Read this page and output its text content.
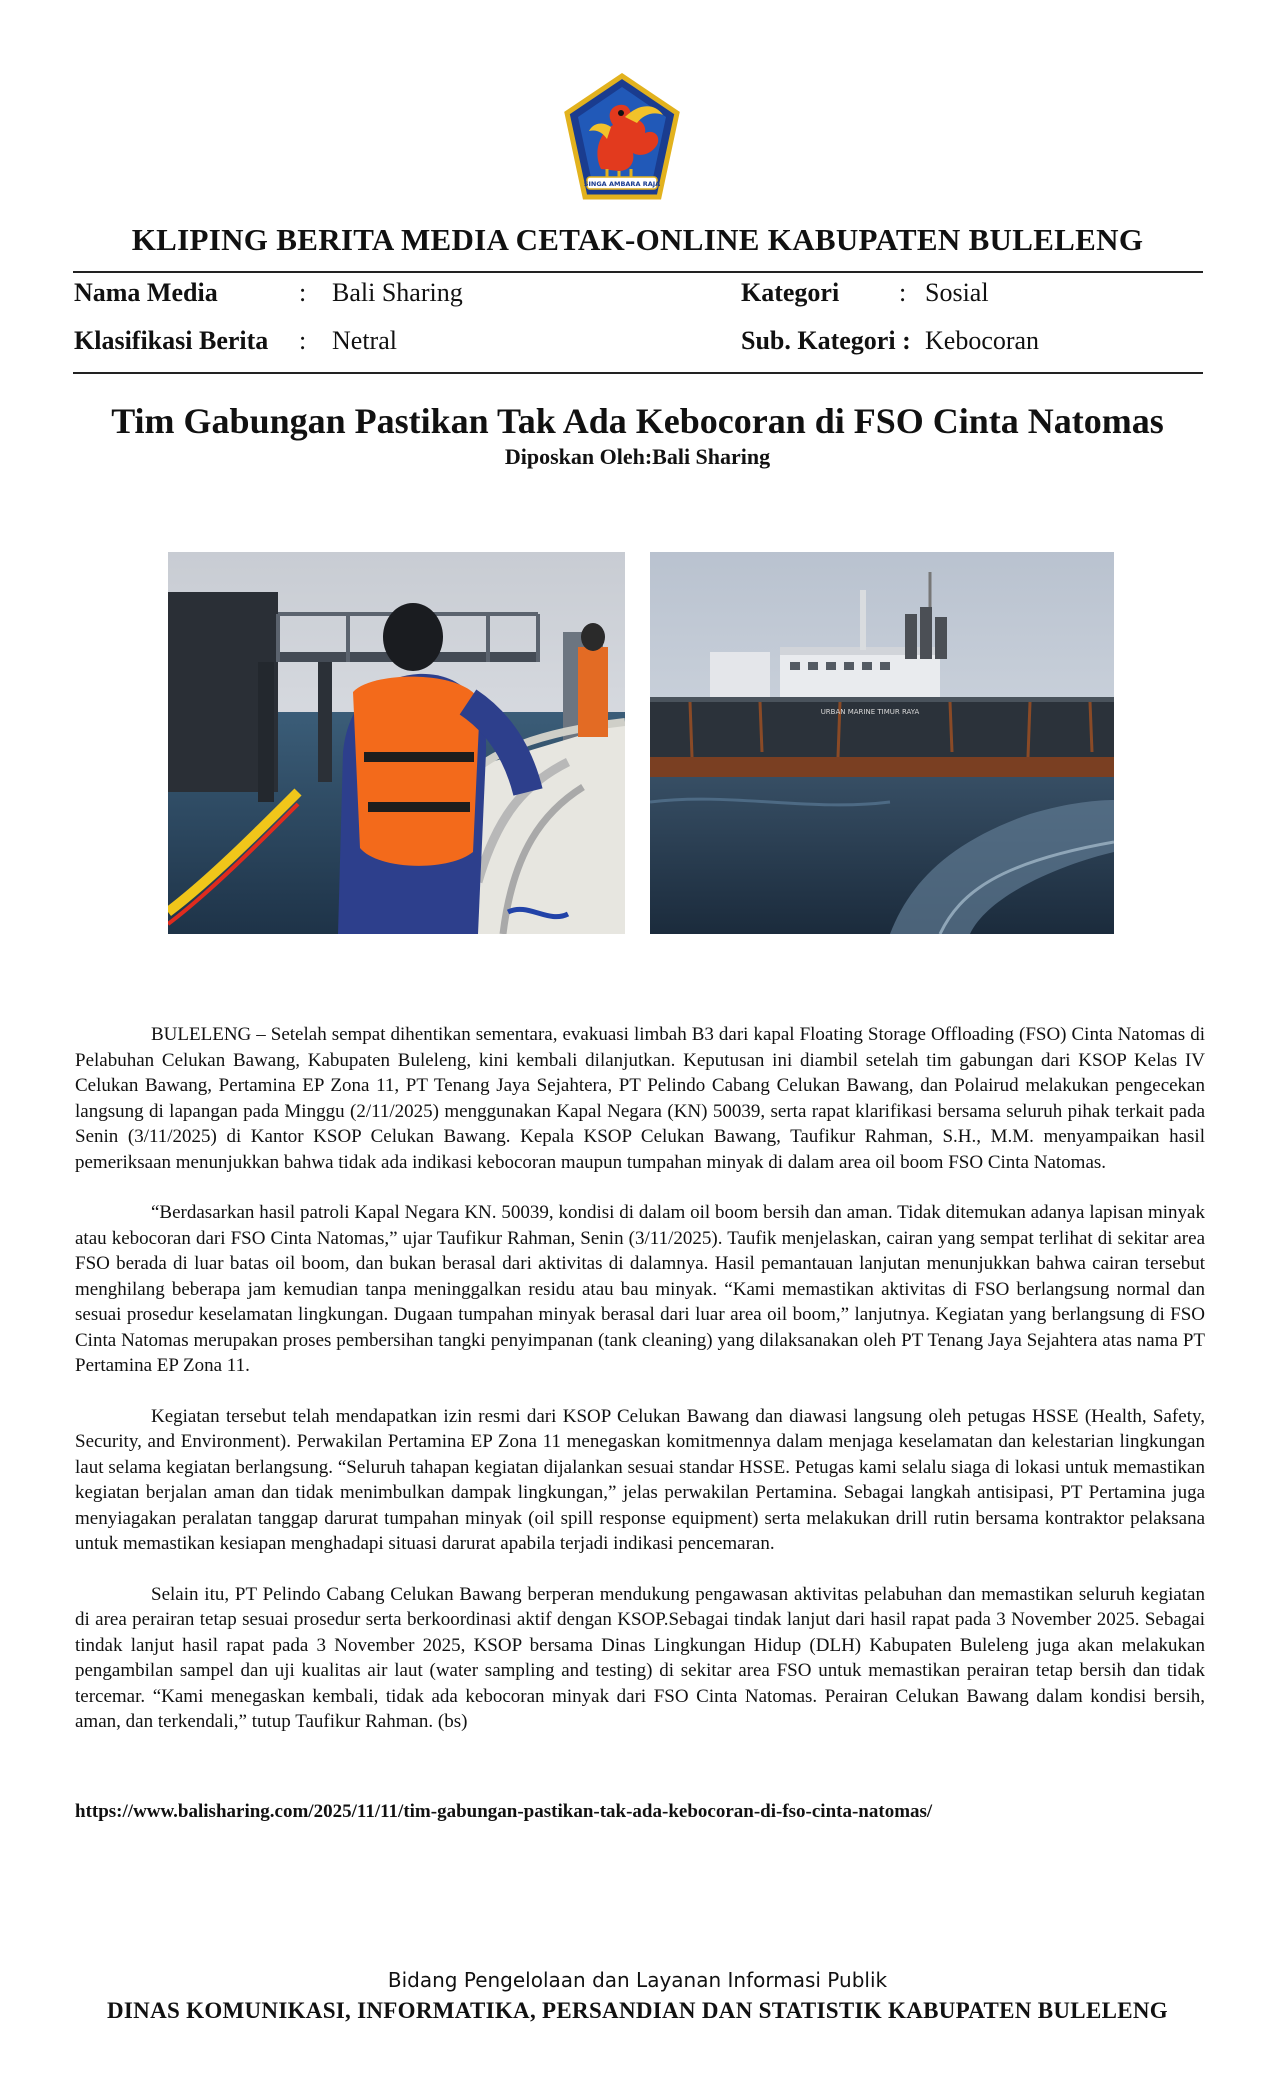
SINGA AMBARA RAJA
KLIPING BERITA MEDIA CETAK-ONLINE KABUPATEN BULELENG
Nama Media	: Bali Sharing	Kategori : Sosial
Klasifikasi Berita : Netral	Sub. Kategori : Kebocoran
Tim Gabungan Pastikan Tak Ada Kebocoran di FSO Cinta Natomas
Diposkan Oleh:Bali Sharing
URBAN MARINE TIMUR RAYA

BULELENG – Setelah sempat dihentikan sementara, evakuasi limbah B3 dari kapal Floating Storage Offloading (FSO) Cinta Natomas di Pelabuhan Celukan Bawang, Kabupaten Buleleng, kini kembali dilanjutkan. Keputusan ini diambil setelah tim gabungan dari KSOP Kelas IV Celukan Bawang, Pertamina EP Zona 11, PT Tenang Jaya Sejahtera, PT Pelindo Cabang Celukan Bawang, dan Polairud melakukan pengecekan langsung di lapangan pada Minggu (2/11/2025) menggunakan Kapal Negara (KN) 50039, serta rapat klarifikasi bersama seluruh pihak terkait pada Senin (3/11/2025) di Kantor KSOP Celukan Bawang. Kepala KSOP Celukan Bawang, Taufikur Rahman, S.H., M.M. menyampaikan hasil pemeriksaan menunjukkan bahwa tidak ada indikasi kebocoran maupun tumpahan minyak di dalam area oil boom FSO Cinta Natomas.

“Berdasarkan hasil patroli Kapal Negara KN. 50039, kondisi di dalam oil boom bersih dan aman. Tidak ditemukan adanya lapisan minyak atau kebocoran dari FSO Cinta Natomas,” ujar Taufikur Rahman, Senin (3/11/2025). Taufik menjelaskan, cairan yang sempat terlihat di sekitar area FSO berada di luar batas oil boom, dan bukan berasal dari aktivitas di dalamnya. Hasil pemantauan lanjutan menunjukkan bahwa cairan tersebut menghilang beberapa jam kemudian tanpa meninggalkan residu atau bau minyak. “Kami memastikan aktivitas di FSO berlangsung normal dan sesuai prosedur keselamatan lingkungan. Dugaan tumpahan minyak berasal dari luar area oil boom,” lanjutnya. Kegiatan yang berlangsung di FSO Cinta Natomas merupakan proses pembersihan tangki penyimpanan (tank cleaning) yang dilaksanakan oleh PT Tenang Jaya Sejahtera atas nama PT Pertamina EP Zona 11.

Kegiatan tersebut telah mendapatkan izin resmi dari KSOP Celukan Bawang dan diawasi langsung oleh petugas HSSE (Health, Safety, Security, and Environment). Perwakilan Pertamina EP Zona 11 menegaskan komitmennya dalam menjaga keselamatan dan kelestarian lingkungan laut selama kegiatan berlangsung. “Seluruh tahapan kegiatan dijalankan sesuai standar HSSE. Petugas kami selalu siaga di lokasi untuk memastikan kegiatan berjalan aman dan tidak menimbulkan dampak lingkungan,” jelas perwakilan Pertamina. Sebagai langkah antisipasi, PT Pertamina juga menyiagakan peralatan tanggap darurat tumpahan minyak (oil spill response equipment) serta melakukan drill rutin bersama kontraktor pelaksana untuk memastikan kesiapan menghadapi situasi darurat apabila terjadi indikasi pencemaran.

Selain itu, PT Pelindo Cabang Celukan Bawang berperan mendukung pengawasan aktivitas pelabuhan dan memastikan seluruh kegiatan di area perairan tetap sesuai prosedur serta berkoordinasi aktif dengan KSOP.Sebagai tindak lanjut dari hasil rapat pada 3 November 2025. Sebagai tindak lanjut hasil rapat pada 3 November 2025, KSOP bersama Dinas Lingkungan Hidup (DLH) Kabupaten Buleleng juga akan melakukan pengambilan sampel dan uji kualitas air laut (water sampling and testing) di sekitar area FSO untuk memastikan perairan tetap bersih dan tidak tercemar. “Kami menegaskan kembali, tidak ada kebocoran minyak dari FSO Cinta Natomas. Perairan Celukan Bawang dalam kondisi bersih, aman, dan terkendali,” tutup Taufikur Rahman. (bs)

https://www.balisharing.com/2025/11/11/tim-gabungan-pastikan-tak-ada-kebocoran-di-fso-cinta-natomas/
Bidang Pengelolaan dan Layanan Informasi Publik
DINAS KOMUNIKASI, INFORMATIKA, PERSANDIAN DAN STATISTIK KABUPATEN BULELENG
